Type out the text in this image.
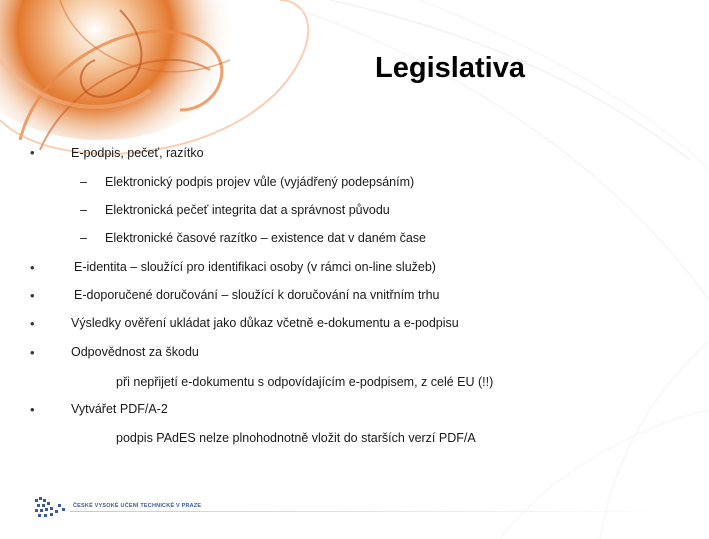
Legislativa
•	E-podpis, pečeť, razítko
– Elektronický podpis projev vůle (vyjádřený podepsáním)
– Elektronická pečeť integrita dat a správnost původu
– Elektronické časové razítko – existence dat v daném čase
•	E-identita – sloužící pro identifikaci osoby (v rámci on-line služeb)
•	E-doporučené doručování – sloužící k doručování na vnitřním trhu
•	Výsledky ověření ukládat jako důkaz včetně e-dokumentu a e-podpisu
•	Odpovědnost za škodu
při nepřijetí e-dokumentu s odpovídajícím e-podpisem, z celé EU (!!)
•	Vytvářet PDF/A-2
podpis PAdES nelze plnohodnotně vložit do starších verzí PDF/A
ČESKÉ VYSOKÉ UČENÍ TECHNICKÉ V PRAZE
